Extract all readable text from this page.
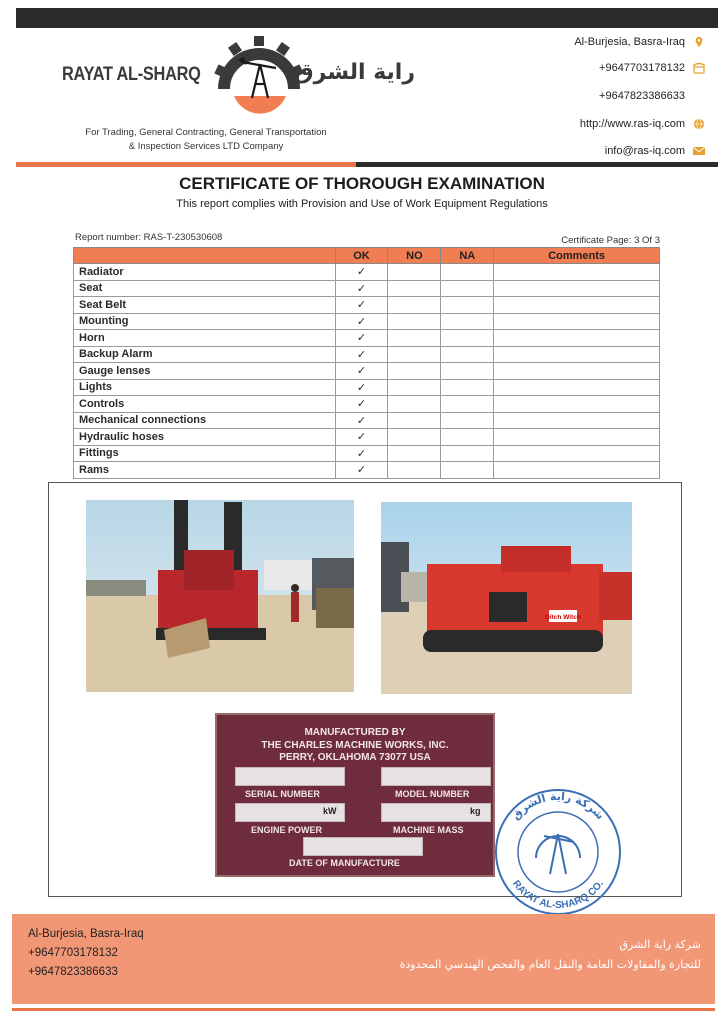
RAYAT AL-SHARQ	راية الشرق
For Trading, General Contracting, General Transportation
& Inspection Services LTD Company
Al-Burjesia, Basra-Iraq
+9647703178132
+9647823386633
http://www.ras-iq.com
info@ras-iq.com
CERTIFICATE OF THOROUGH EXAMINATION
This report complies with Provision and Use of Work Equipment Regulations
Report number: RAS-T-230530608	Certificate Page: 3 Of 3
	OK	NO	NA	Comments
Radiator	✓			
Seat	✓			
Seat Belt	✓			
Mounting	✓			
Horn	✓			
Backup Alarm	✓			
Gauge lenses	✓			
Lights	✓			
Controls	✓			
Mechanical connections	✓			
Hydraulic hoses	✓			
Fittings	✓			
Rams	✓			
Ditch Witch
MANUFACTURED BY
THE CHARLES MACHINE WORKS, INC.
PERRY, OKLAHOMA 73077 USA
SERIAL NUMBER	MODEL NUMBER
kW	kg
ENGINE POWER	MACHINE MASS
DATE OF MANUFACTURE
شركة راية الشرق
RAYAT AL-SHARQ CO.
Al-Burjesia, Basra-Iraq
+9647703178132
+9647823386633
شركة راية الشرق
للتجارة والمقاولات العامة والنقل العام والفحص الهندسي المحدودة
